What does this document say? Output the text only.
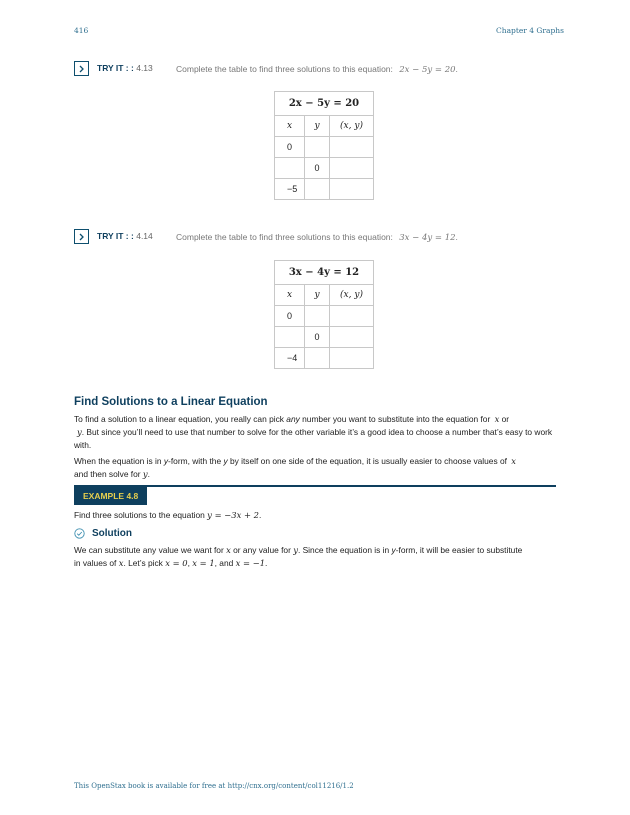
416	Chapter 4 Graphs
TRY IT : : 4.13	Complete the table to find three solutions to this equation: 2x − 5y = 20.
2x − 5y = 20		
x	y	(x, y)
0		
	0	
−5		
TRY IT : : 4.14	Complete the table to find three solutions to this equation: 3x − 4y = 12.
3x − 4y = 12		
x	y	(x, y)
0		
	0	
−4		
Find Solutions to a Linear Equation
To find a solution to a linear equation, you really can pick any number you want to substitute into the equation for x or
y. But since you’ll need to use that number to solve for the other variable it’s a good idea to choose a number that’s easy to work with.
When the equation is in y-form, with the y by itself on one side of the equation, it is usually easier to choose values of x
and then solve for y.
EXAMPLE 4.8
Find three solutions to the equation y = −3x + 2.
Solution
We can substitute any value we want for x or any value for y. Since the equation is in y-form, it will be easier to substitute
in values of x. Let’s pick x = 0, x = 1, and x = −1.
This OpenStax book is available for free at http://cnx.org/content/col11216/1.2
